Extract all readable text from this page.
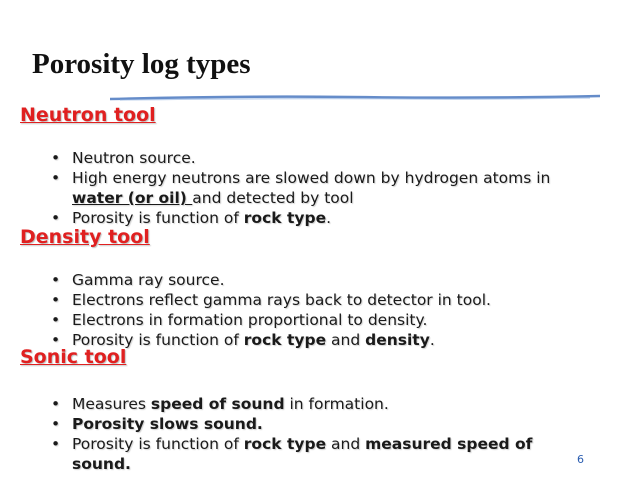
Porosity log types
Neutron tool
• Neutron source.
• High energy neutrons are slowed down by hydrogen atoms in water (or oil) and detected by tool
• Porosity is function of rock type.
Density tool
• Gamma ray source.
• Electrons reflect gamma rays back to detector in tool.
• Electrons in formation proportional to density.
• Porosity is function of rock type and density.
Sonic tool
• Measures speed of sound in formation.
• Porosity slows sound.
• Porosity is function of rock type and measured speed of sound.	6
